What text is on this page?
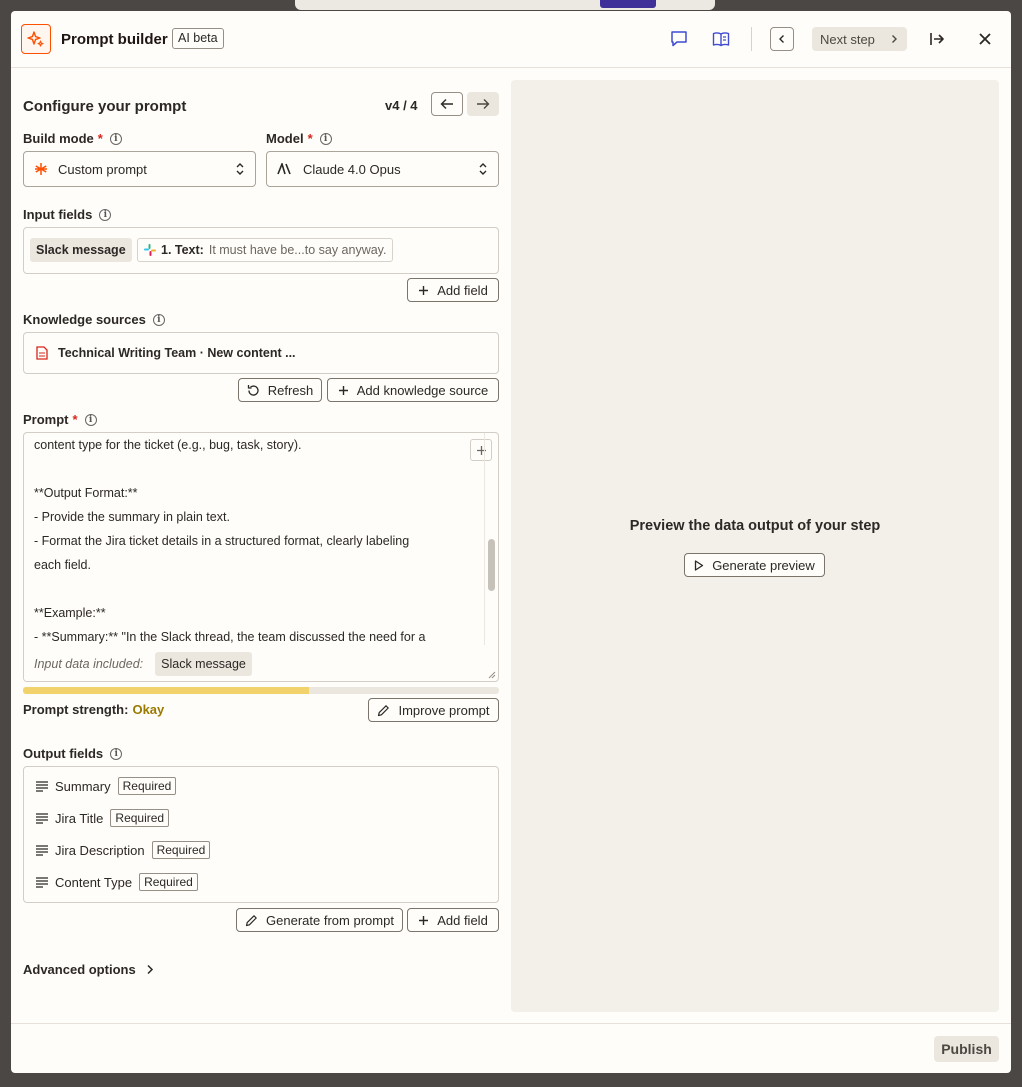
Prompt builder AI beta	Next step
Configure your prompt	v4 / 4
Build mode *	i
Custom prompt
Model *	i
Claude 4.0 Opus
Input fields	i
Slack message	1. Text: It must have be...to say anyway.
Add field
Knowledge sources	i
Technical Writing Team · New content ...
Refresh	Add knowledge source
Prompt *	i
content type for the ticket (e.g., bug, task, story).
**Output Format:**
- Provide the summary in plain text.
- Format the Jira ticket details in a structured format, clearly labeling
each field.
**Example:**
- **Summary:** "In the Slack thread, the team discussed the need for a
Input data included:	Slack message
Prompt strength: Okay	Improve prompt
Output fields	i
Summary	Required
Jira Title	Required
Jira Description	Required
Content Type	Required
Generate from prompt	Add field
Advanced options
Preview the data output of your step
Generate preview
Publish
